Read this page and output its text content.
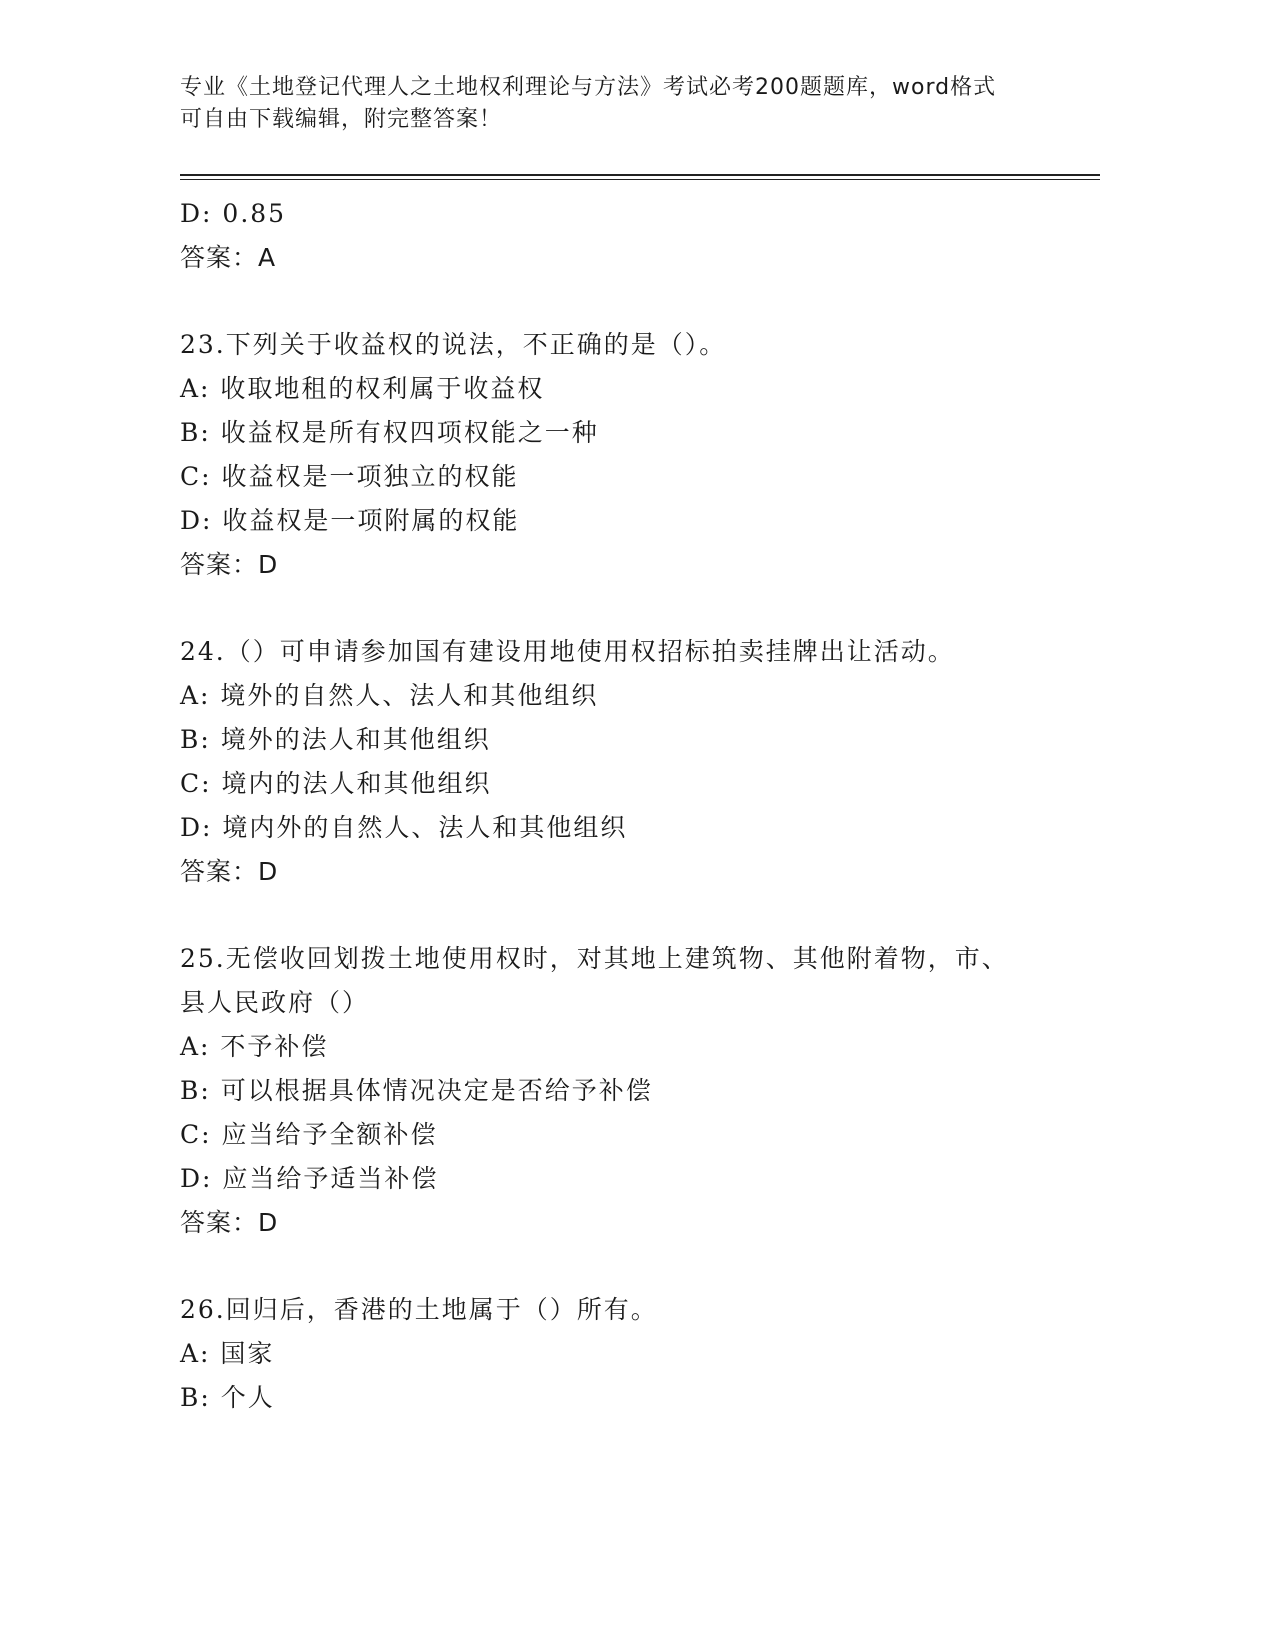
专业《土地登记代理人之土地权利理论与方法》考试必考200题题库，word格式
可自由下载编辑，附完整答案！
D: 0.85
答案：A
23.下列关于收益权的说法，不正确的是（）。
A: 收取地租的权利属于收益权
B: 收益权是所有权四项权能之一种
C: 收益权是一项独立的权能
D: 收益权是一项附属的权能
答案：D
24.（）可申请参加国有建设用地使用权招标拍卖挂牌出让活动。
A: 境外的自然人、法人和其他组织
B: 境外的法人和其他组织
C: 境内的法人和其他组织
D: 境内外的自然人、法人和其他组织
答案：D
25.无偿收回划拨土地使用权时，对其地上建筑物、其他附着物，市、
县人民政府（）
A: 不予补偿
B: 可以根据具体情况决定是否给予补偿
C: 应当给予全额补偿
D: 应当给予适当补偿
答案：D
26.回归后，香港的土地属于（）所有。
A: 国家
B: 个人
